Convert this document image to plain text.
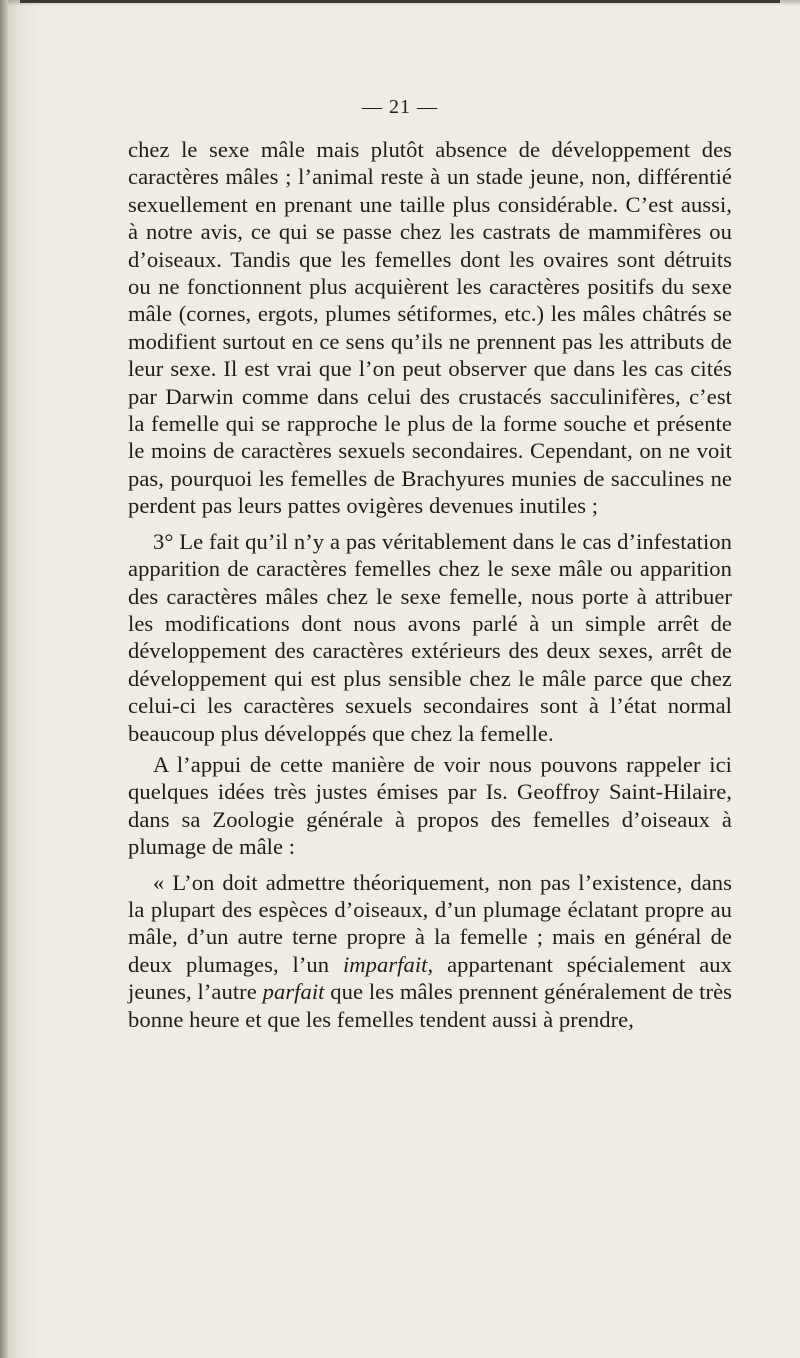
— 21 —

chez le sexe mâle mais plutôt absence de développement des caractères mâles ; l’animal reste à un stade jeune, non, différentié sexuellement en prenant une taille plus considérable. C’est aussi, à notre avis, ce qui se passe chez les castrats de mammifères ou d’oiseaux. Tandis que les femelles dont les ovaires sont détruits ou ne fonctionnent plus acquièrent les caractères positifs du sexe mâle (cornes, ergots, plumes sétiformes, etc.) les mâles châtrés se modifient surtout en ce sens qu’ils ne prennent pas les attributs de leur sexe. Il est vrai que l’on peut observer que dans les cas cités par Darwin comme dans celui des crustacés sacculinifères, c’est la femelle qui se rapproche le plus de la forme souche et présente le moins de caractères sexuels secondaires. Cependant, on ne voit pas, pourquoi les femelles de Brachyures munies de sacculines ne perdent pas leurs pattes ovigères devenues inutiles ;

3° Le fait qu’il n’y a pas véritablement dans le cas d’infestation apparition de caractères femelles chez le sexe mâle ou apparition des caractères mâles chez le sexe femelle, nous porte à attribuer les modifications dont nous avons parlé à un simple arrêt de développement des caractères extérieurs des deux sexes, arrêt de développement qui est plus sensible chez le mâle parce que chez celui-ci les caractères sexuels secondaires sont à l’état normal beaucoup plus développés que chez la femelle.

A l’appui de cette manière de voir nous pouvons rappeler ici quelques idées très justes émises par Is. Geoffroy Saint-Hilaire, dans sa Zoologie générale à propos des femelles d’oiseaux à plumage de mâle :

« L’on doit admettre théoriquement, non pas l’existence, dans la plupart des espèces d’oiseaux, d’un plumage éclatant propre au mâle, d’un autre terne propre à la femelle ; mais en général de deux plumages, l’un imparfait, appartenant spécialement aux jeunes, l’autre parfait que les mâles prennent généralement de très bonne heure et que les femelles tendent aussi à prendre,
